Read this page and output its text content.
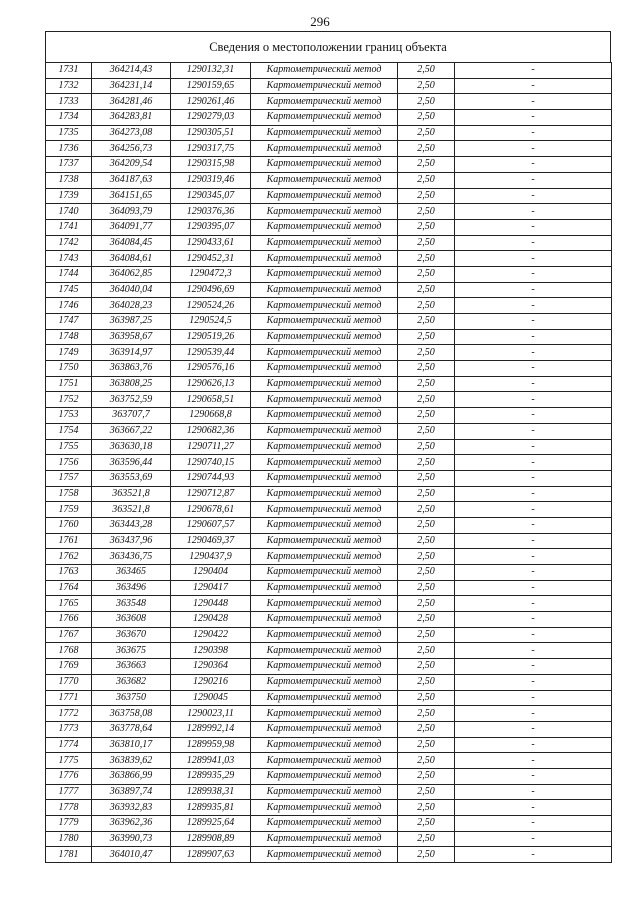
296
Сведения о местоположении границ объекта
1731	364214,43	1290132,31	Картометрический метод	2,50	-
1732	364231,14	1290159,65	Картометрический метод	2,50	-
1733	364281,46	1290261,46	Картометрический метод	2,50	-
1734	364283,81	1290279,03	Картометрический метод	2,50	-
1735	364273,08	1290305,51	Картометрический метод	2,50	-
1736	364256,73	1290317,75	Картометрический метод	2,50	-
1737	364209,54	1290315,98	Картометрический метод	2,50	-
1738	364187,63	1290319,46	Картометрический метод	2,50	-
1739	364151,65	1290345,07	Картометрический метод	2,50	-
1740	364093,79	1290376,36	Картометрический метод	2,50	-
1741	364091,77	1290395,07	Картометрический метод	2,50	-
1742	364084,45	1290433,61	Картометрический метод	2,50	-
1743	364084,61	1290452,31	Картометрический метод	2,50	-
1744	364062,85	1290472,3	Картометрический метод	2,50	-
1745	364040,04	1290496,69	Картометрический метод	2,50	-
1746	364028,23	1290524,26	Картометрический метод	2,50	-
1747	363987,25	1290524,5	Картометрический метод	2,50	-
1748	363958,67	1290519,26	Картометрический метод	2,50	-
1749	363914,97	1290539,44	Картометрический метод	2,50	-
1750	363863,76	1290576,16	Картометрический метод	2,50	-
1751	363808,25	1290626,13	Картометрический метод	2,50	-
1752	363752,59	1290658,51	Картометрический метод	2,50	-
1753	363707,7	1290668,8	Картометрический метод	2,50	-
1754	363667,22	1290682,36	Картометрический метод	2,50	-
1755	363630,18	1290711,27	Картометрический метод	2,50	-
1756	363596,44	1290740,15	Картометрический метод	2,50	-
1757	363553,69	1290744,93	Картометрический метод	2,50	-
1758	363521,8	1290712,87	Картометрический метод	2,50	-
1759	363521,8	1290678,61	Картометрический метод	2,50	-
1760	363443,28	1290607,57	Картометрический метод	2,50	-
1761	363437,96	1290469,37	Картометрический метод	2,50	-
1762	363436,75	1290437,9	Картометрический метод	2,50	-
1763	363465	1290404	Картометрический метод	2,50	-
1764	363496	1290417	Картометрический метод	2,50	-
1765	363548	1290448	Картометрический метод	2,50	-
1766	363608	1290428	Картометрический метод	2,50	-
1767	363670	1290422	Картометрический метод	2,50	-
1768	363675	1290398	Картометрический метод	2,50	-
1769	363663	1290364	Картометрический метод	2,50	-
1770	363682	1290216	Картометрический метод	2,50	-
1771	363750	1290045	Картометрический метод	2,50	-
1772	363758,08	1290023,11	Картометрический метод	2,50	-
1773	363778,64	1289992,14	Картометрический метод	2,50	-
1774	363810,17	1289959,98	Картометрический метод	2,50	-
1775	363839,62	1289941,03	Картометрический метод	2,50	-
1776	363866,99	1289935,29	Картометрический метод	2,50	-
1777	363897,74	1289938,31	Картометрический метод	2,50	-
1778	363932,83	1289935,81	Картометрический метод	2,50	-
1779	363962,36	1289925,64	Картометрический метод	2,50	-
1780	363990,73	1289908,89	Картометрический метод	2,50	-
1781	364010,47	1289907,63	Картометрический метод	2,50	-
